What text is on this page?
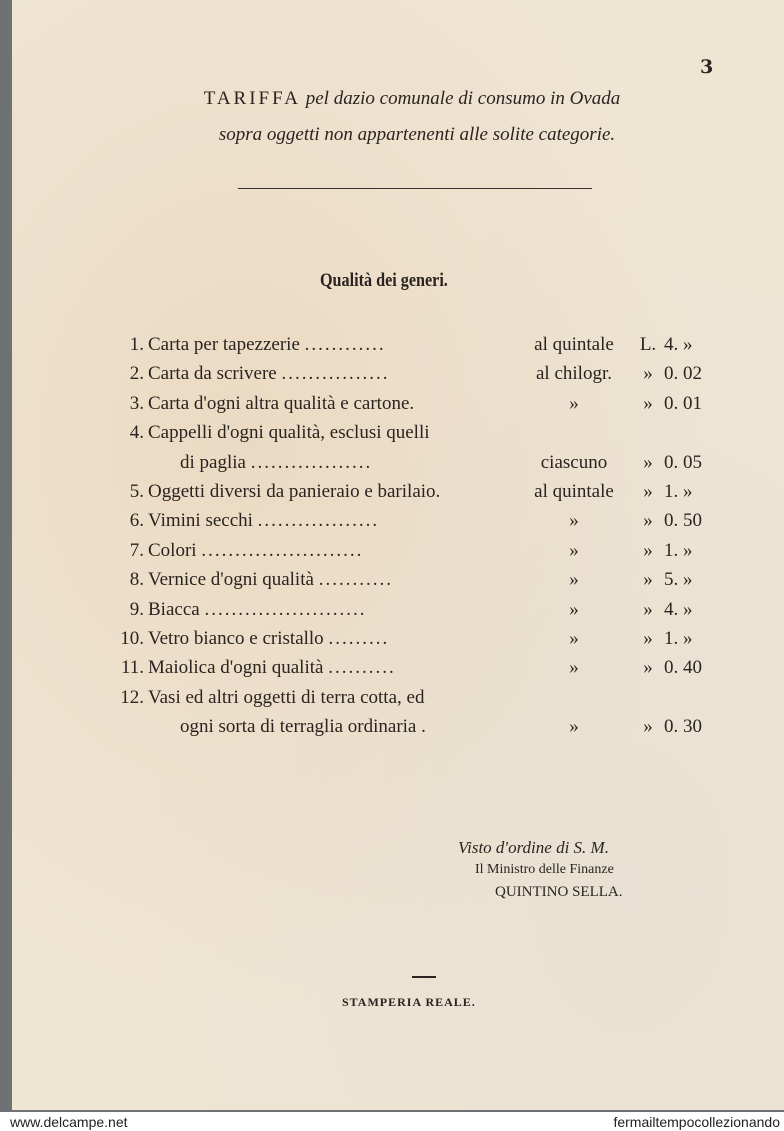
3
TARIFFA pel dazio comunale di consumo in Ovada
sopra oggetti non appartenenti alle solite categorie.
Qualità dei generi.
1. Carta per tapezzerie ............	al quintale	L. 4. »
2. Carta da scrivere ................	al chilogr.	» 0. 02
3. Carta d'ogni altra qualità e cartone.	»	» 0. 01
4. Cappelli d'ogni qualità, esclusi quelli
di paglia ..................	ciascuno	» 0. 05
5. Oggetti diversi da panieraio e barilaio.	al quintale	» 1. »
6. Vimini secchi ..................	»	» 0. 50
7. Colori ........................	»	» 1. »
8. Vernice d'ogni qualità ...........	»	» 5. »
9. Biacca ........................	»	» 4. »
10. Vetro bianco e cristallo .........	»	» 1. »
11. Maiolica d'ogni qualità ..........	»	» 0. 40
12. Vasi ed altri oggetti di terra cotta, ed
ogni sorta di terraglia ordinaria .	»	» 0. 30
Visto d'ordine di S. M.
Il Ministro delle Finanze
QUINTINO SELLA.
STAMPERIA REALE.
www.delcampe.net	fermailtempocollezionando
